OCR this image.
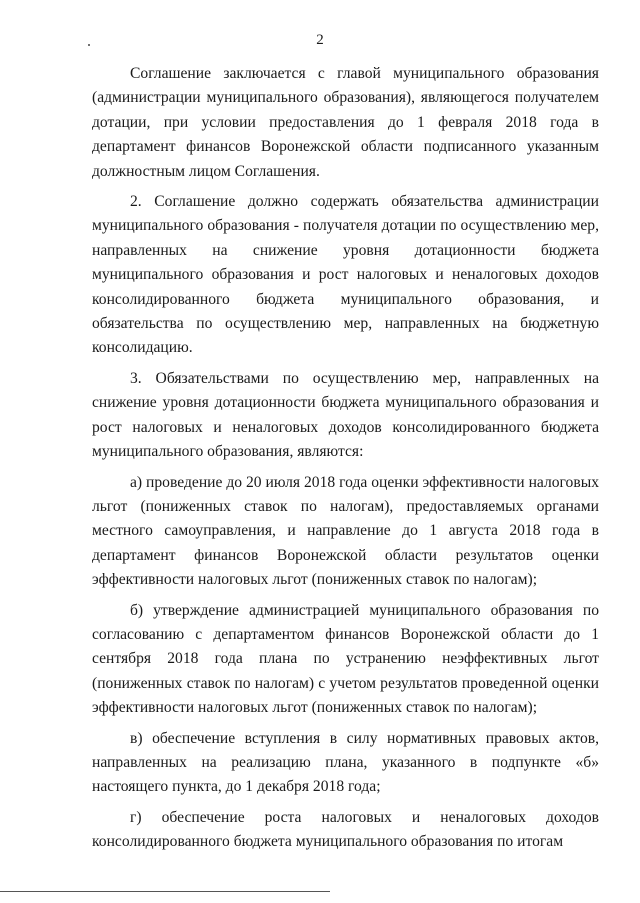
2

Соглашение заключается с главой муниципального образования (администрации муниципального образования), являющегося получателем дотации, при условии предоставления до 1 февраля 2018 года в департамент финансов Воронежской области подписанного указанным должностным лицом Соглашения.

2. Соглашение должно содержать обязательства администрации муниципального образования - получателя дотации по осуществлению мер, направленных на снижение уровня дотационности бюджета муниципального образования и рост налоговых и неналоговых доходов консолидированного бюджета муниципального образования, и обязательства по осуществлению мер, направленных на бюджетную консолидацию.

3. Обязательствами по осуществлению мер, направленных на снижение уровня дотационности бюджета муниципального образования и рост налоговых и неналоговых доходов консолидированного бюджета муниципального образования, являются:

а) проведение до 20 июля 2018 года оценки эффективности налоговых льгот (пониженных ставок по налогам), предоставляемых органами местного самоуправления, и направление до 1 августа 2018 года в департамент финансов Воронежской области результатов оценки эффективности налоговых льгот (пониженных ставок по налогам);

б) утверждение администрацией муниципального образования по согласованию с департаментом финансов Воронежской области до 1 сентября 2018 года плана по устранению неэффективных льгот (пониженных ставок по налогам) с учетом результатов проведенной оценки эффективности налоговых льгот (пониженных ставок по налогам);

в) обеспечение вступления в силу нормативных правовых актов, направленных на реализацию плана, указанного в подпункте «б» настоящего пункта, до 1 декабря 2018 года;

г) обеспечение роста налоговых и неналоговых доходов консолидированного бюджета муниципального образования по итогам
